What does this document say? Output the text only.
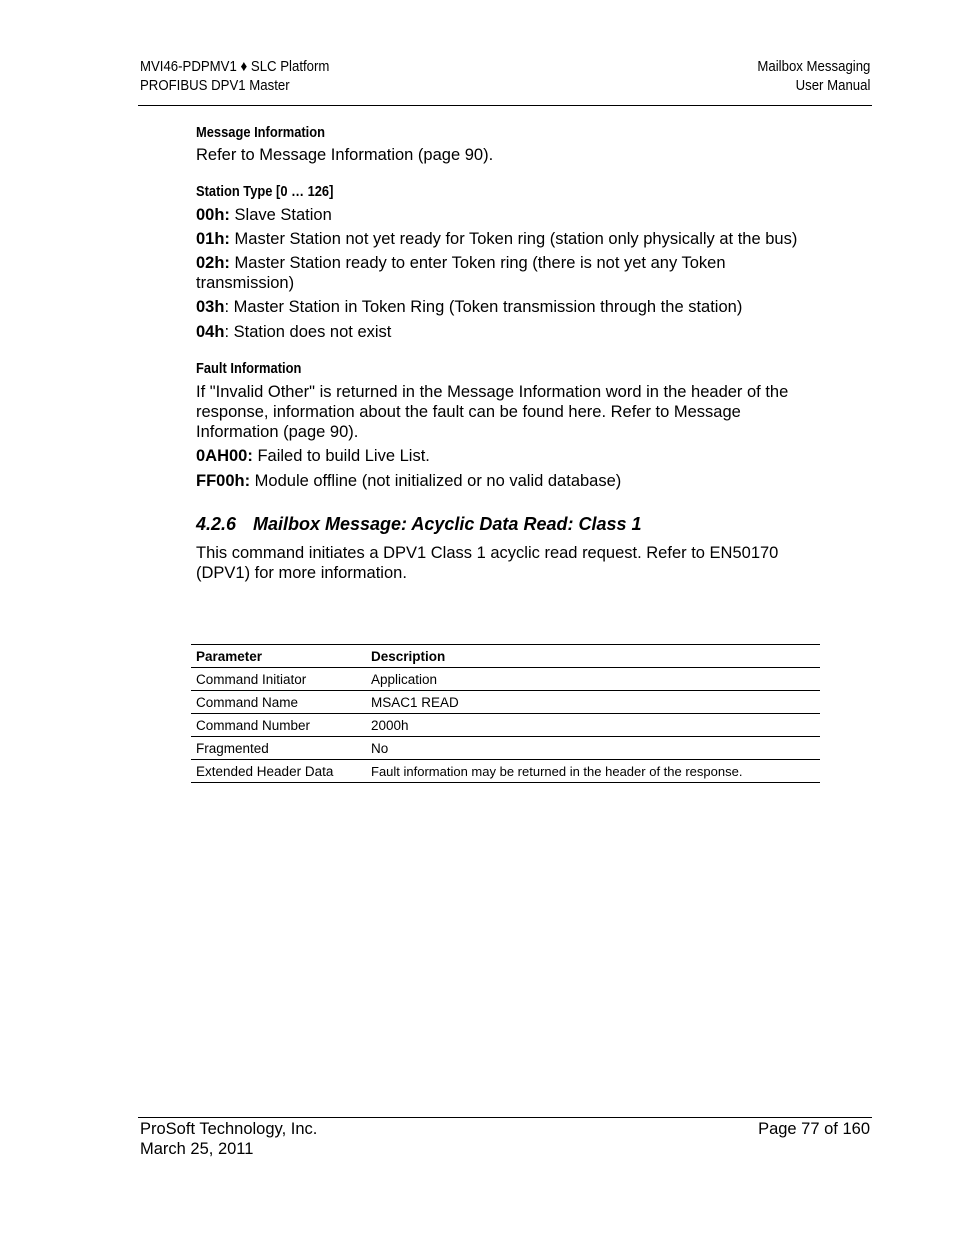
MVI46-PDPMV1 ♦ SLC Platform
PROFIBUS DPV1 Master
Mailbox Messaging
User Manual
Message Information
Refer to Message Information (page 90).
Station Type [0 … 126]
00h: Slave Station
01h: Master Station not yet ready for Token ring (station only physically at the bus)
02h: Master Station ready to enter Token ring (there is not yet any Token transmission)
03h: Master Station in Token Ring (Token transmission through the station)
04h: Station does not exist
Fault Information
If "Invalid Other" is returned in the Message Information word in the header of the response, information about the fault can be found here. Refer to Message Information (page 90).
0AH00: Failed to build Live List.
FF00h: Module offline (not initialized or no valid database)
4.2.6 Mailbox Message: Acyclic Data Read: Class 1
This command initiates a DPV1 Class 1 acyclic read request. Refer to EN50170 (DPV1) for more information.
Parameter	Description
Command Initiator	Application
Command Name	MSAC1 READ
Command Number	2000h
Fragmented	No
Extended Header Data	Fault information may be returned in the header of the response.
ProSoft Technology, Inc.
March 25, 2011
Page 77 of 160
